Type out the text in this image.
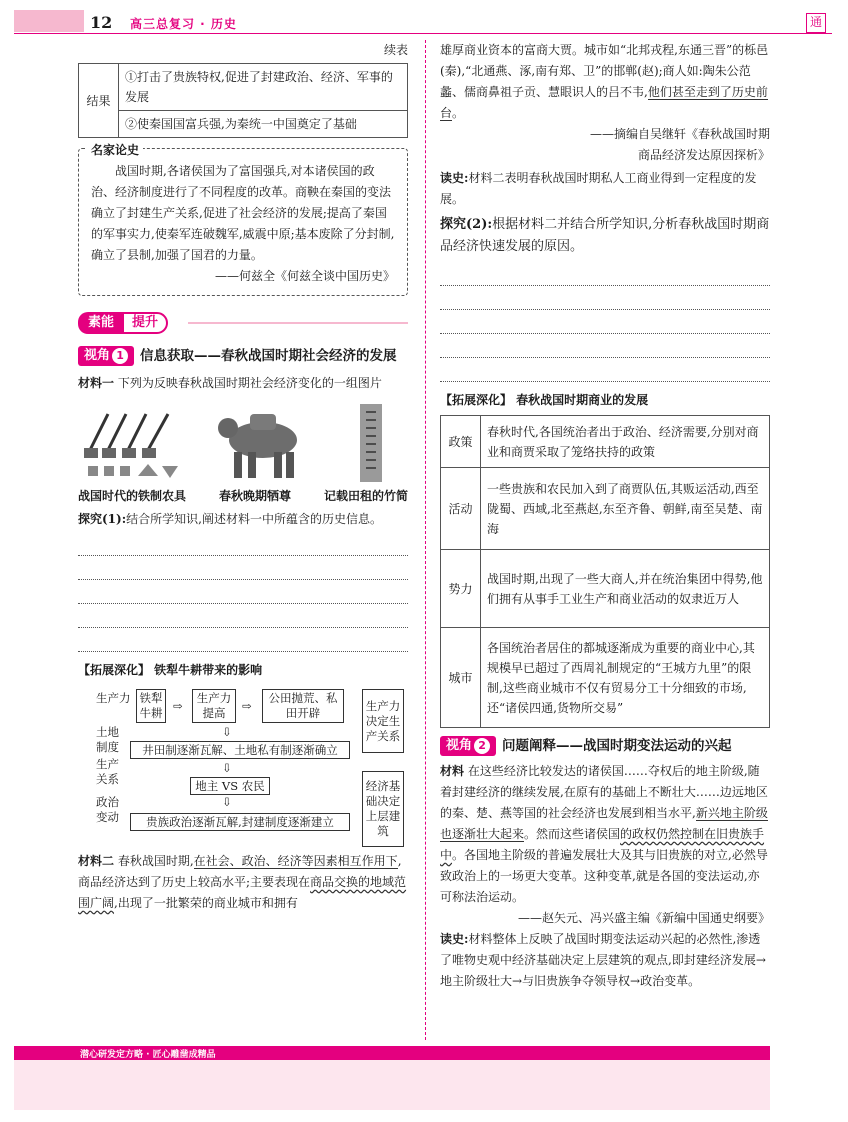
12 高三总复习 · 历史	通
续表
结果	①打击了贵族特权,促进了封建政治、经济、军事的发展
②使秦国国富兵强,为秦统一中国奠定了基础
名家论史
战国时期,各诸侯国为了富国强兵,对本诸侯国的政治、经济制度进行了不同程度的改革。商鞅在秦国的变法确立了封建生产关系,促进了社会经济的发展;提高了秦国的军事实力,使秦军连破魏军,威震中原;基本废除了分封制,确立了县制,加强了国君的力量。
——何兹全《何兹全谈中国历史》
素能 提升
视角 1	信息获取——春秋战国时期社会经济的发展
材料一 下列为反映春秋战国时期社会经济变化的一组图片
战国时代的铁制农具	春秋晚期牺尊	记载田租的竹简
探究(1):结合所学知识,阐述材料一中所蕴含的历史信息。
【拓展深化】 铁犁牛耕带来的影响
生产力 铁犁牛耕 ⇨
生产力提高	⇨
公田抛荒、私田开辟
生产力决定生产关系
土地制度
⇩
井田制逐渐瓦解、土地私有制逐渐确立
生产关系
⇩
地主 VS 农民
政治变动
⇩
贵族政治逐渐瓦解,封建制度逐渐建立
经济基础决定上层建筑
材料二 春秋战国时期,在社会、政治、经济等因素相互作用下,商品经济达到了历史上较高水平;主要表现在商品交换的地域范围广阔,出现了一批繁荣的商业城市和拥有
雄厚商业资本的富商大贾。城市如“北邦戎程,东通三晋”的栎邑(秦),“北通燕、涿,南有郑、卫”的邯郸(赵);商人如:陶朱公范蠡、儒商鼻祖子贡、慧眼识人的吕不韦,他们甚至走到了历史前台。
——摘编自吴继轩《春秋战国时期商品经济发达原因探析》
读史:材料二表明春秋战国时期私人工商业得到一定程度的发展。
探究(2):根据材料二并结合所学知识,分析春秋战国时期商品经济快速发展的原因。
【拓展深化】 春秋战国时期商业的发展
政策	春秋时代,各国统治者出于政治、经济需要,分别对商业和商贾采取了笼络扶持的政策
活动	一些贵族和农民加入到了商贾队伍,其贩运活动,西至陇蜀、西域,北至燕赵,东至齐鲁、朝鲜,南至吴楚、南海
势力	战国时期,出现了一些大商人,并在统治集团中得势,他们拥有从事手工业生产和商业活动的奴隶近万人
城市	各国统治者居住的都城逐渐成为重要的商业中心,其规模早已超过了西周礼制规定的“王城方九里”的限制,这些商业城市不仅有贸易分工十分细致的市场,还“诸侯四通,货物所交易”
视角 2	问题阐释——战国时期变法运动的兴起
材料 在这些经济比较发达的诸侯国……夺权后的地主阶级,随着封建经济的继续发展,在原有的基础上不断壮大……边远地区的秦、楚、燕等国的社会经济也发展到相当水平,新兴地主阶级也逐渐壮大起来。然而这些诸侯国的政权仍然控制在旧贵族手中。各国地主阶级的普遍发展壮大及其与旧贵族的对立,必然导致政治上的一场更大变革。这种变革,就是各国的变法运动,亦可称法治运动。
——赵矢元、冯兴盛主编《新编中国通史纲要》
读史:材料整体上反映了战国时期变法运动兴起的必然性,渗透了唯物史观中经济基础决定上层建筑的观点,即封建经济发展→地主阶级壮大→与旧贵族争夺领导权→政治变革。
潜心研发定方略 · 匠心雕凿成精品
